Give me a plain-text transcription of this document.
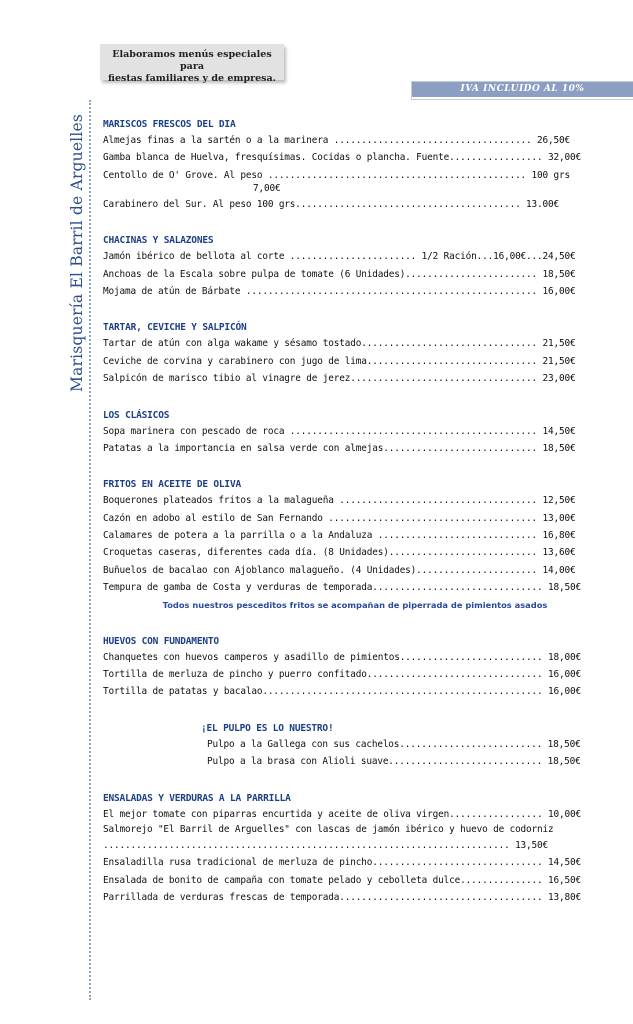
Elaboramos menús especiales para
fiestas familiares y de empresa.
IVA INCLUIDO AL 10%
Marisquería El Barril de Arguelles MARISCOS FRESCOS DEL DIA
Almejas finas a la sartén o a la marinera .................................... 26,50€
Gamba blanca de Huelva, fresquísimas. Cocidas o plancha. Fuente................. 32,00€
Centollo de O' Grove. Al peso ............................................... 100 grs
7,00€
Carabinero del Sur. Al peso 100 grs......................................... 13.00€
CHACINAS Y SALAZONES
Jamón ibérico de bellota al corte ....................... 1/2 Ración...16,00€...24,50€
Anchoas de la Escala sobre pulpa de tomate (6 Unidades)........................ 18,50€
Mojama de atún de Bárbate ..................................................... 16,00€
TARTAR, CEVICHE Y SALPICÓN
Tartar de atún con alga wakame y sésamo tostado................................ 21,50€
Ceviche de corvina y carabinero con jugo de lima............................... 21,50€
Salpicón de marisco tibio al vinagre de jerez.................................. 23,00€
LOS CLÁSICOS
Sopa marinera con pescado de roca ............................................. 14,50€
Patatas a la importancia en salsa verde con almejas............................ 18,50€
FRITOS EN ACEITE DE OLIVA
Boquerones plateados fritos a la malagueña .................................... 12,50€
Cazón en adobo al estilo de San Fernando ...................................... 13,00€
Calamares de potera a la parrilla o a la Andaluza ............................. 16,80€
Croquetas caseras, diferentes cada día. (8 Unidades)........................... 13,60€
Buñuelos de bacalao con Ajoblanco malagueño. (4 Unidades)...................... 14,00€
Tempura de gamba de Costa y verduras de temporada............................... 18,50€
Todos nuestros pesceditos fritos se acompañan de piperrada de pimientos asados
HUEVOS CON FUNDAMENTO
Chanquetes con huevos camperos y asadillo de pimientos.......................... 18,00€
Tortilla de merluza de pincho y puerro confitado................................ 16,00€
Tortilla de patatas y bacalao................................................... 16,00€
¡EL PULPO ES LO NUESTRO!
Pulpo a la Gallega con sus cachelos.......................... 18,50€
Pulpo a la brasa con Alioli suave............................ 18,50€
ENSALADAS Y VERDURAS A LA PARRILLA
El mejor tomate con piparras encurtida y aceite de oliva virgen................. 10,00€
Salmorejo "El Barril de Arguelles" con lascas de jamón ibérico y huevo de codorniz
.......................................................................... 13,50€
Ensaladilla rusa tradicional de merluza de pincho............................... 14,50€
Ensalada de bonito de campaña con tomate pelado y cebolleta dulce............... 16,50€
Parrillada de verduras frescas de temporada..................................... 13,80€
